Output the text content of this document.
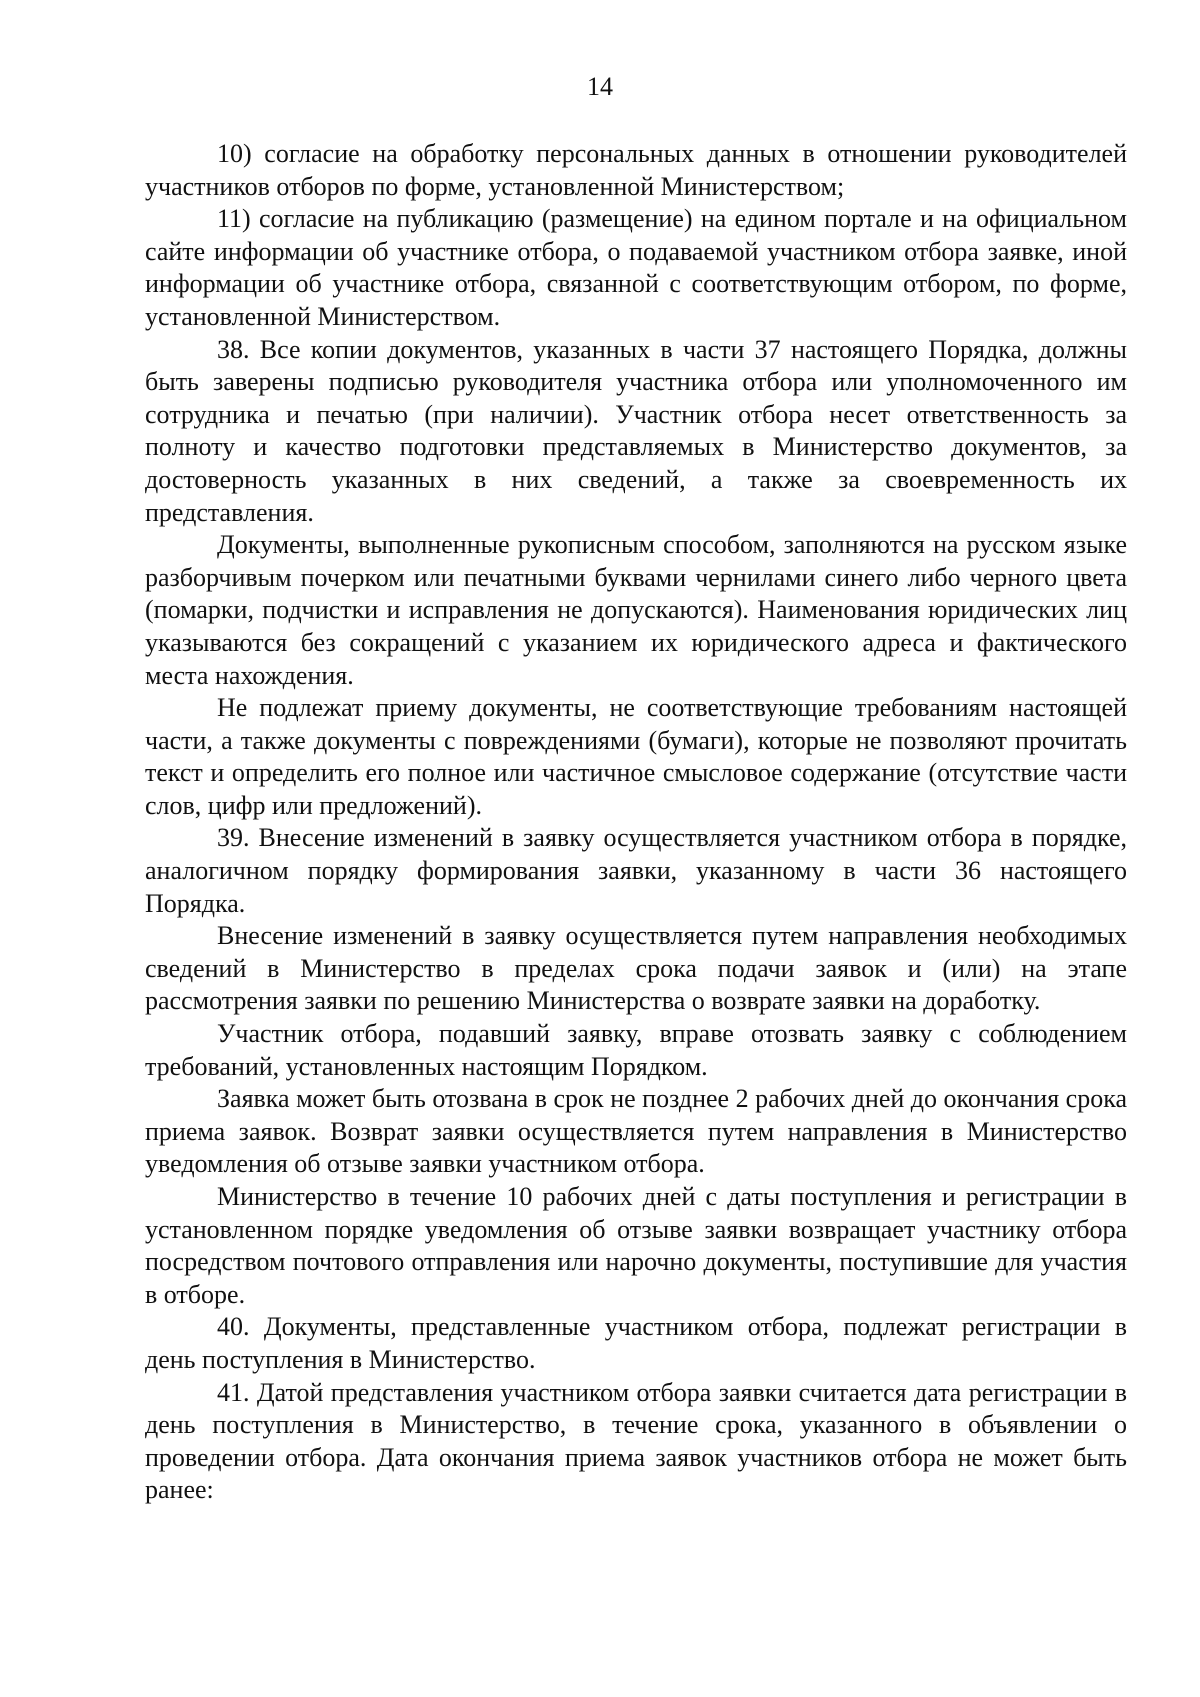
14

10) согласие на обработку персональных данных в отношении руководителей участников отборов по форме, установленной Министерством;

11) согласие на публикацию (размещение) на едином портале и на официальном сайте информации об участнике отбора, о подаваемой участником отбора заявке, иной информации об участнике отбора, связанной с соответствующим отбором, по форме, установленной Министерством.

38. Все копии документов, указанных в части 37 настоящего Порядка, должны быть заверены подписью руководителя участника отбора или уполномоченного им сотрудника и печатью (при наличии). Участник отбора несет ответственность за полноту и качество подготовки представляемых в Министерство документов, за достоверность указанных в них сведений, а также за своевременность их представления.

Документы, выполненные рукописным способом, заполняются на русском языке разборчивым почерком или печатными буквами чернилами синего либо черного цвета (помарки, подчистки и исправления не допускаются). Наименования юридических лиц указываются без сокращений с указанием их юридического адреса и фактического места нахождения.

Не подлежат приему документы, не соответствующие требованиям настоящей части, а также документы с повреждениями (бумаги), которые не позволяют прочитать текст и определить его полное или частичное смысловое содержание (отсутствие части слов, цифр или предложений).

39. Внесение изменений в заявку осуществляется участником отбора в порядке, аналогичном порядку формирования заявки, указанному в части 36 настоящего Порядка.

Внесение изменений в заявку осуществляется путем направления необходимых сведений в Министерство в пределах срока подачи заявок и (или) на этапе рассмотрения заявки по решению Министерства о возврате заявки на доработку.

Участник отбора, подавший заявку, вправе отозвать заявку с соблюдением требований, установленных настоящим Порядком.

Заявка может быть отозвана в срок не позднее 2 рабочих дней до окончания срока приема заявок. Возврат заявки осуществляется путем направления в Министерство уведомления об отзыве заявки участником отбора.

Министерство в течение 10 рабочих дней с даты поступления и регистрации в установленном порядке уведомления об отзыве заявки возвращает участнику отбора посредством почтового отправления или нарочно документы, поступившие для участия в отборе.

40. Документы, представленные участником отбора, подлежат регистрации в день поступления в Министерство.

41. Датой представления участником отбора заявки считается дата регистрации в день поступления в Министерство, в течение срока, указанного в объявлении о проведении отбора. Дата окончания приема заявок участников отбора не может быть ранее:
